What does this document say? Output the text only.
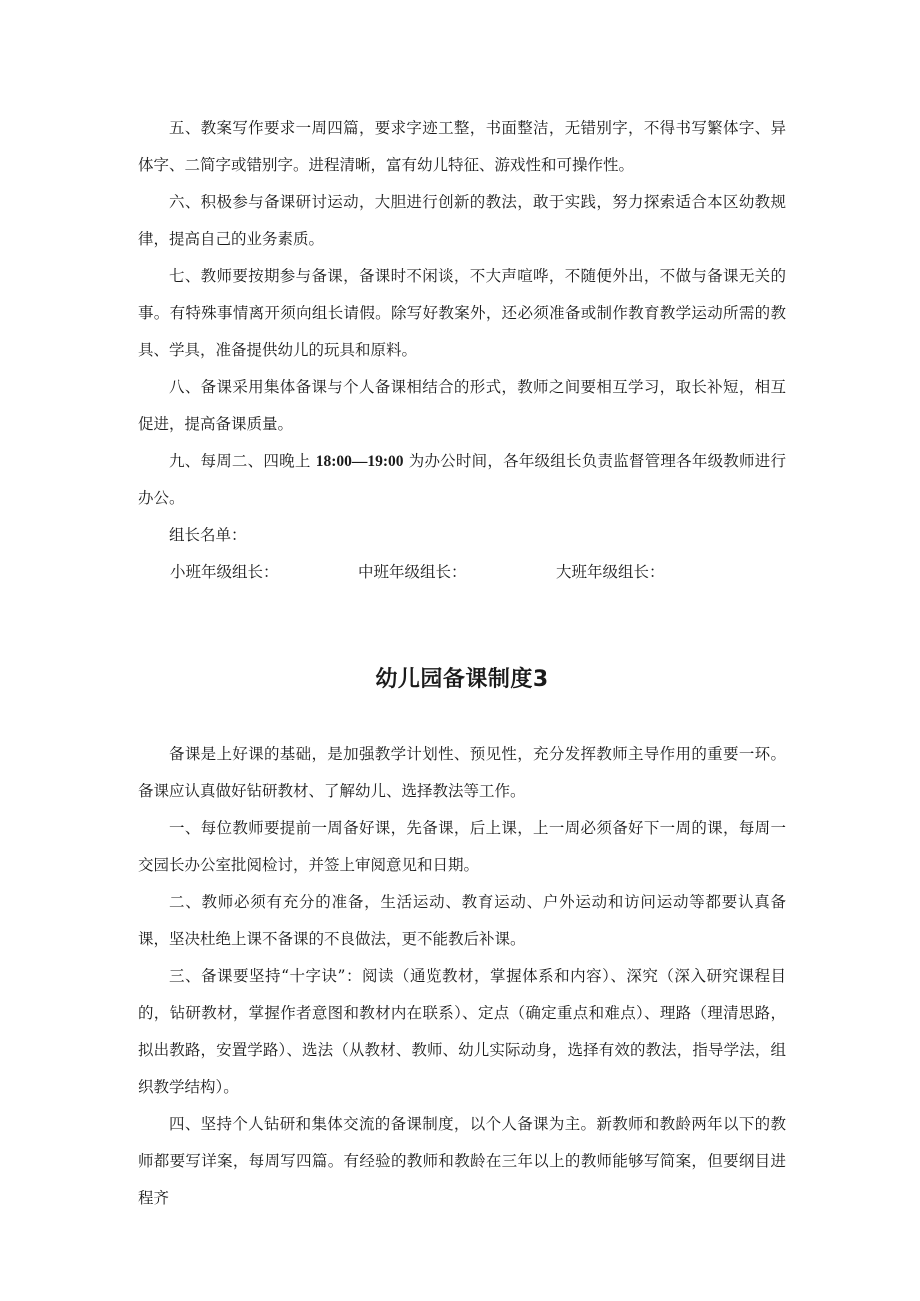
五、教案写作要求一周四篇，要求字迹工整，书面整洁，无错别字，不得书写繁体字、异体字、二简字或错别字。进程清晰，富有幼儿特征、游戏性和可操作性。

六、积极参与备课研讨运动，大胆进行创新的教法，敢于实践，努力探索适合本区幼教规律，提高自己的业务素质。

七、教师要按期参与备课，备课时不闲谈，不大声喧哗，不随便外出，不做与备课无关的事。有特殊事情离开须向组长请假。除写好教案外，还必须准备或制作教育教学运动所需的教具、学具，准备提供幼儿的玩具和原料。

八、备课采用集体备课与个人备课相结合的形式，教师之间要相互学习，取长补短，相互促进，提高备课质量。

九、每周二、四晚上 18:00—19:00 为办公时间，各年级组长负责监督管理各年级教师进行办公。

组长名单：

小班年级组长：	中班年级组长：	大班年级组长：
幼儿园备课制度3

备课是上好课的基础，是加强教学计划性、预见性，充分发挥教师主导作用的重要一环。备课应认真做好钻研教材、了解幼儿、选择教法等工作。

一、每位教师要提前一周备好课，先备课，后上课，上一周必须备好下一周的课，每周一交园长办公室批阅检讨，并签上审阅意见和日期。

二、教师必须有充分的准备，生活运动、教育运动、户外运动和访问运动等都要认真备课，坚决杜绝上课不备课的不良做法，更不能教后补课。

三、备课要坚持“十字诀”：阅读（通览教材，掌握体系和内容）、深究（深入研究课程目的，钻研教材，掌握作者意图和教材内在联系）、定点（确定重点和难点）、理路（理清思路，拟出教路，安置学路）、选法（从教材、教师、幼儿实际动身，选择有效的教法，指导学法，组织教学结构）。

四、坚持个人钻研和集体交流的备课制度，以个人备课为主。新教师和教龄两年以下的教师都要写详案，每周写四篇。有经验的教师和教龄在三年以上的教师能够写简案，但要纲目进程齐
